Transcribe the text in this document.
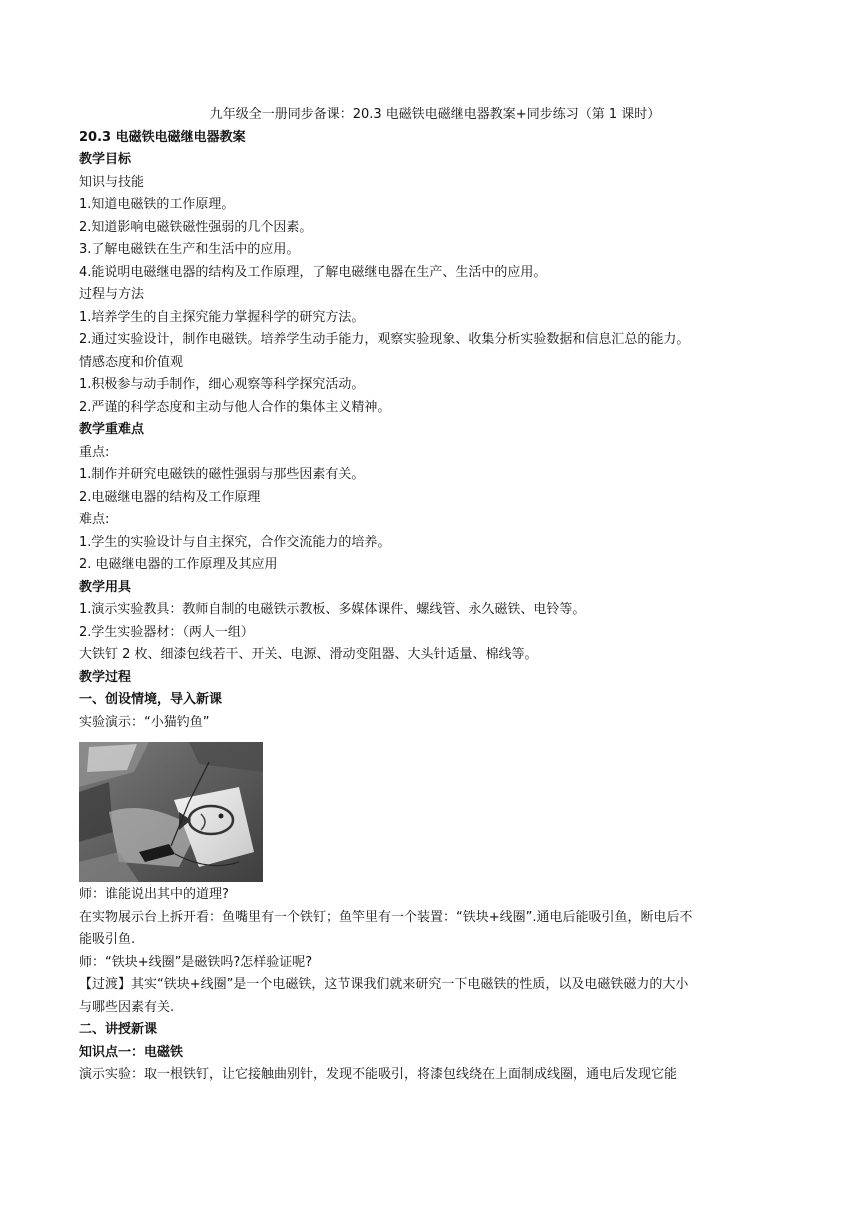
九年级全一册同步备课：20.3 电磁铁电磁继电器教案+同步练习（第 1 课时）
20.3 电磁铁电磁继电器教案
教学目标
知识与技能
1.知道电磁铁的工作原理。
2.知道影响电磁铁磁性强弱的几个因素。
3.了解电磁铁在生产和生活中的应用。
4.能说明电磁继电器的结构及工作原理，了解电磁继电器在生产、生活中的应用。
过程与方法
1.培养学生的自主探究能力掌握科学的研究方法。
2.通过实验设计，制作电磁铁。培养学生动手能力，观察实验现象、收集分析实验数据和信息汇总的能力。
情感态度和价值观
1.积极参与动手制作，细心观察等科学探究活动。
2.严谨的科学态度和主动与他人合作的集体主义精神。
教学重难点
重点:
1.制作并研究电磁铁的磁性强弱与那些因素有关。
2.电磁继电器的结构及工作原理
难点:
1.学生的实验设计与自主探究，合作交流能力的培养。
2. 电磁继电器的工作原理及其应用
教学用具
1.演示实验教具：教师自制的电磁铁示教板、多媒体课件、螺线管、永久磁铁、电铃等。
2.学生实验器材：（两人一组）
大铁钉 2 枚、细漆包线若干、开关、电源、滑动变阻器、大头针适量、棉线等。
教学过程
一、创设情境，导入新课
实验演示：“小猫钓鱼”
师：谁能说出其中的道理?
在实物展示台上拆开看：鱼嘴里有一个铁钉；鱼竿里有一个装置：“铁块+线圈”.通电后能吸引鱼，断电后不
能吸引鱼.
师：“铁块+线圈”是磁铁吗?怎样验证呢?
【过渡】其实“铁块+线圈”是一个电磁铁，这节课我们就来研究一下电磁铁的性质，以及电磁铁磁力的大小
与哪些因素有关.
二、讲授新课
知识点一：电磁铁
演示实验：取一根铁钉，让它接触曲别针，发现不能吸引，将漆包线绕在上面制成线圈，通电后发现它能
